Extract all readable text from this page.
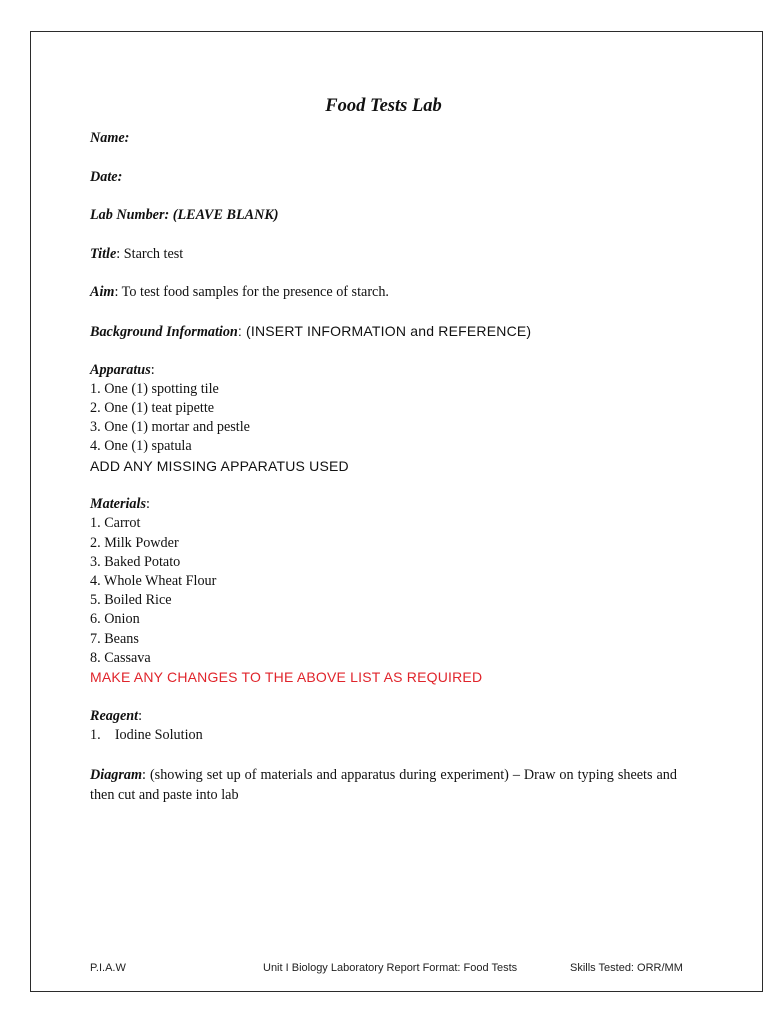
Food Tests Lab
Name:
Date:
Lab Number: (LEAVE BLANK)
Title: Starch test
Aim: To test food samples for the presence of starch.
Background Information: (INSERT INFORMATION and REFERENCE)
Apparatus:
1. One (1) spotting tile
2. One (1) teat pipette
3. One (1) mortar and pestle
4. One (1) spatula
ADD ANY MISSING APPARATUS USED
Materials:
1. Carrot
2. Milk Powder
3. Baked Potato
4. Whole Wheat Flour
5. Boiled Rice
6. Onion
7. Beans
8. Cassava
MAKE ANY CHANGES TO THE ABOVE LIST AS REQUIRED
Reagent:
1.    Iodine Solution
Diagram: (showing set up of materials and apparatus during experiment) – Draw on typing sheets and then cut and paste into lab
P.I.A.W	Unit I Biology Laboratory Report Format: Food Tests	Skills Tested: ORR/MM
